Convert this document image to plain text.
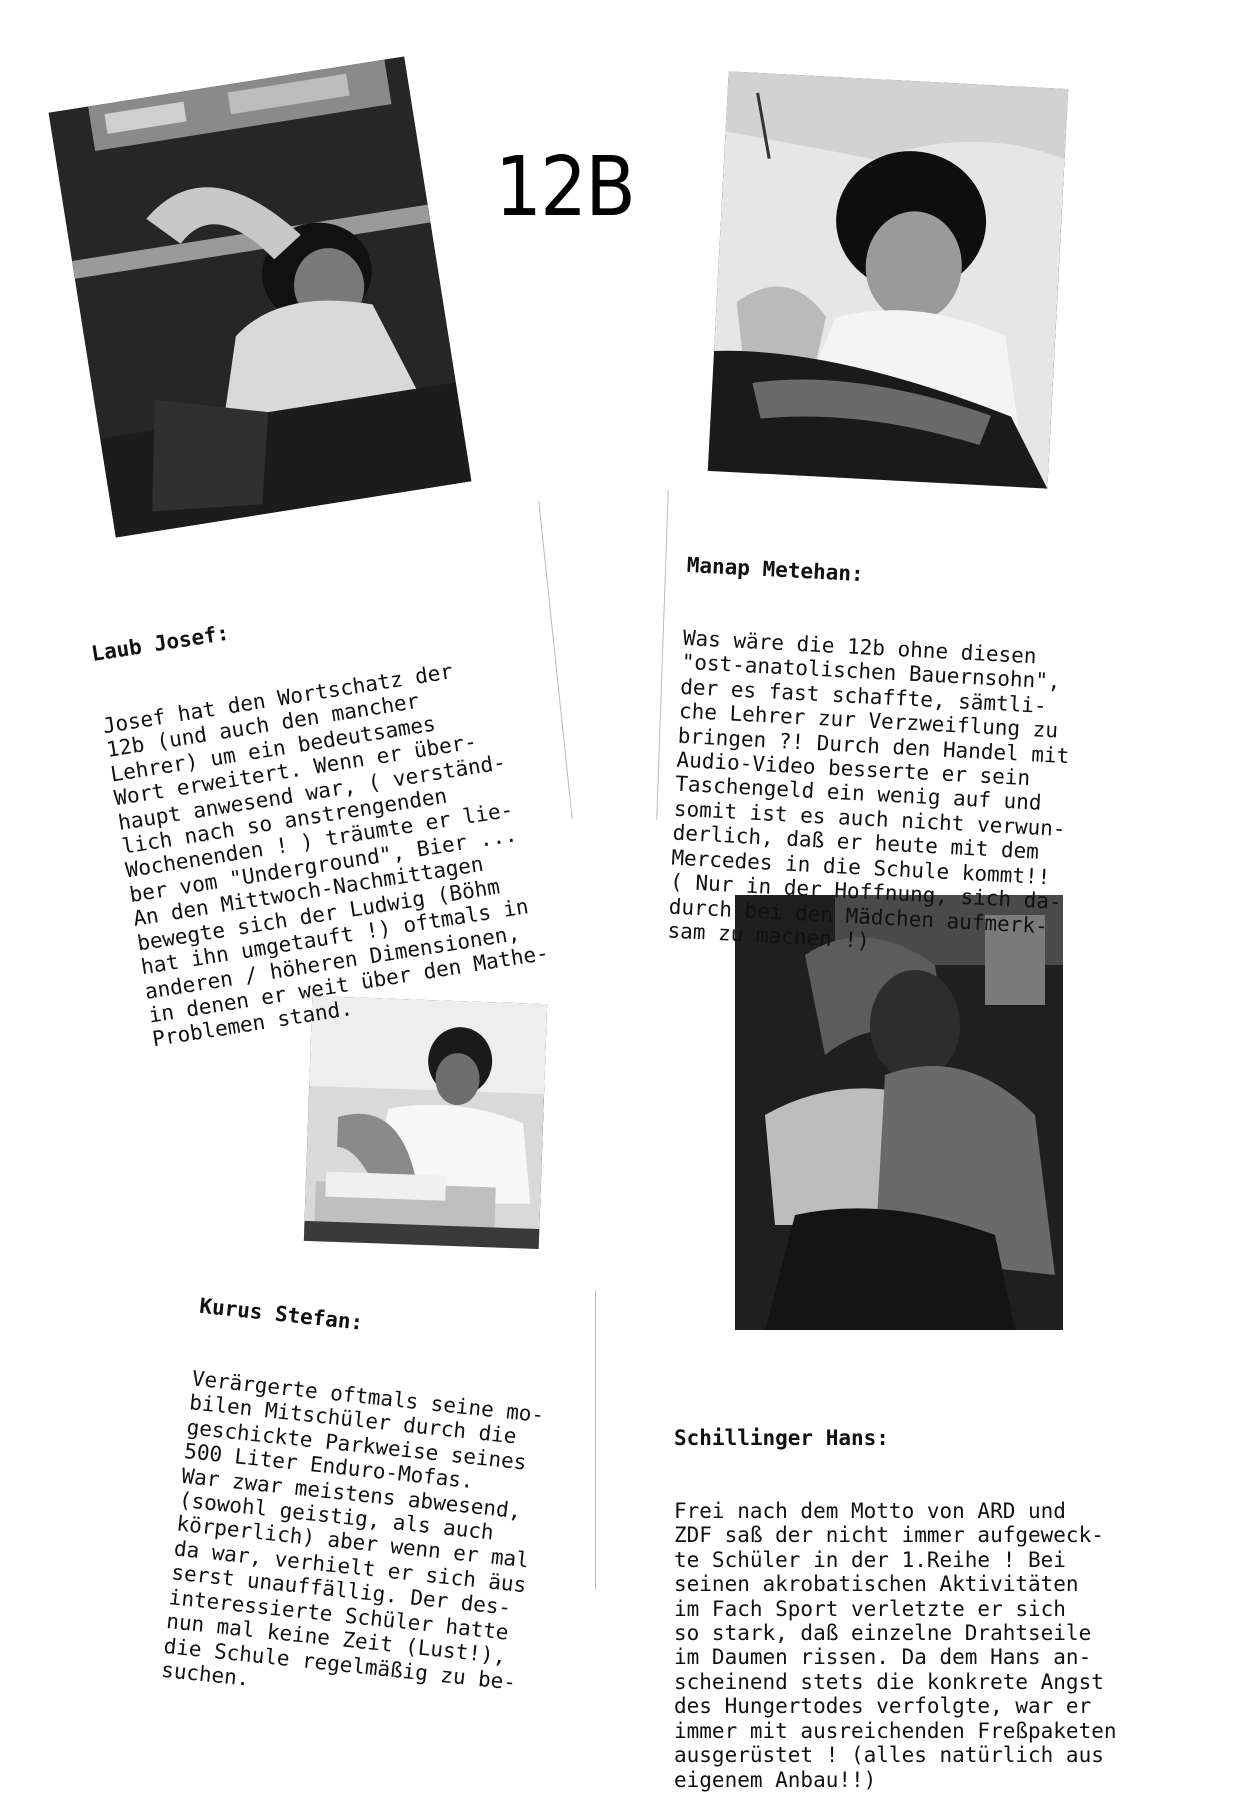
12B

Laub Josef:

Josef hat den Wortschatz der
12b (und auch den mancher
Lehrer) um ein bedeutsames
Wort erweitert. Wenn er über-
haupt anwesend war, ( verständ-
lich nach so anstrengenden
Wochenenden ! ) träumte er lie-
ber vom "Underground", Bier ...
An den Mittwoch-Nachmittagen
bewegte sich der Ludwig (Böhm
hat ihn umgetauft !) oftmals in
anderen / höheren Dimensionen,
in denen er weit über den Mathe-
Problemen stand.

Manap Metehan:

Was wäre die 12b ohne diesen
"ost-anatolischen Bauernsohn",
der es fast schaffte, sämtli-
che Lehrer zur Verzweiflung zu
bringen ?! Durch den Handel mit
Audio-Video besserte er sein
Taschengeld ein wenig auf und
somit ist es auch nicht verwun-
derlich, daß er heute mit dem
Mercedes in die Schule kommt!!
( Nur in der Hoffnung, sich da-
durch bei den Mädchen aufmerk-
sam zu machen !)

Kurus Stefan:

Verärgerte oftmals seine mo-
bilen Mitschüler durch die
geschickte Parkweise seines
500 Liter Enduro-Mofas.
War zwar meistens abwesend,
(sowohl geistig, als auch
körperlich) aber wenn er mal
da war, verhielt er sich äus
serst unauffällig. Der des-
interessierte Schüler hatte
nun mal keine Zeit (Lust!),
die Schule regelmäßig zu be-
suchen.

Schillinger Hans:

Frei nach dem Motto von ARD und
ZDF saß der nicht immer aufgeweck-
te Schüler in der 1.Reihe ! Bei
seinen akrobatischen Aktivitäten
im Fach Sport verletzte er sich
so stark, daß einzelne Drahtseile
im Daumen rissen. Da dem Hans an-
scheinend stets die konkrete Angst
des Hungertodes verfolgte, war er
immer mit ausreichenden Freßpaketen
ausgerüstet ! (alles natürlich aus
eigenem Anbau!!)
